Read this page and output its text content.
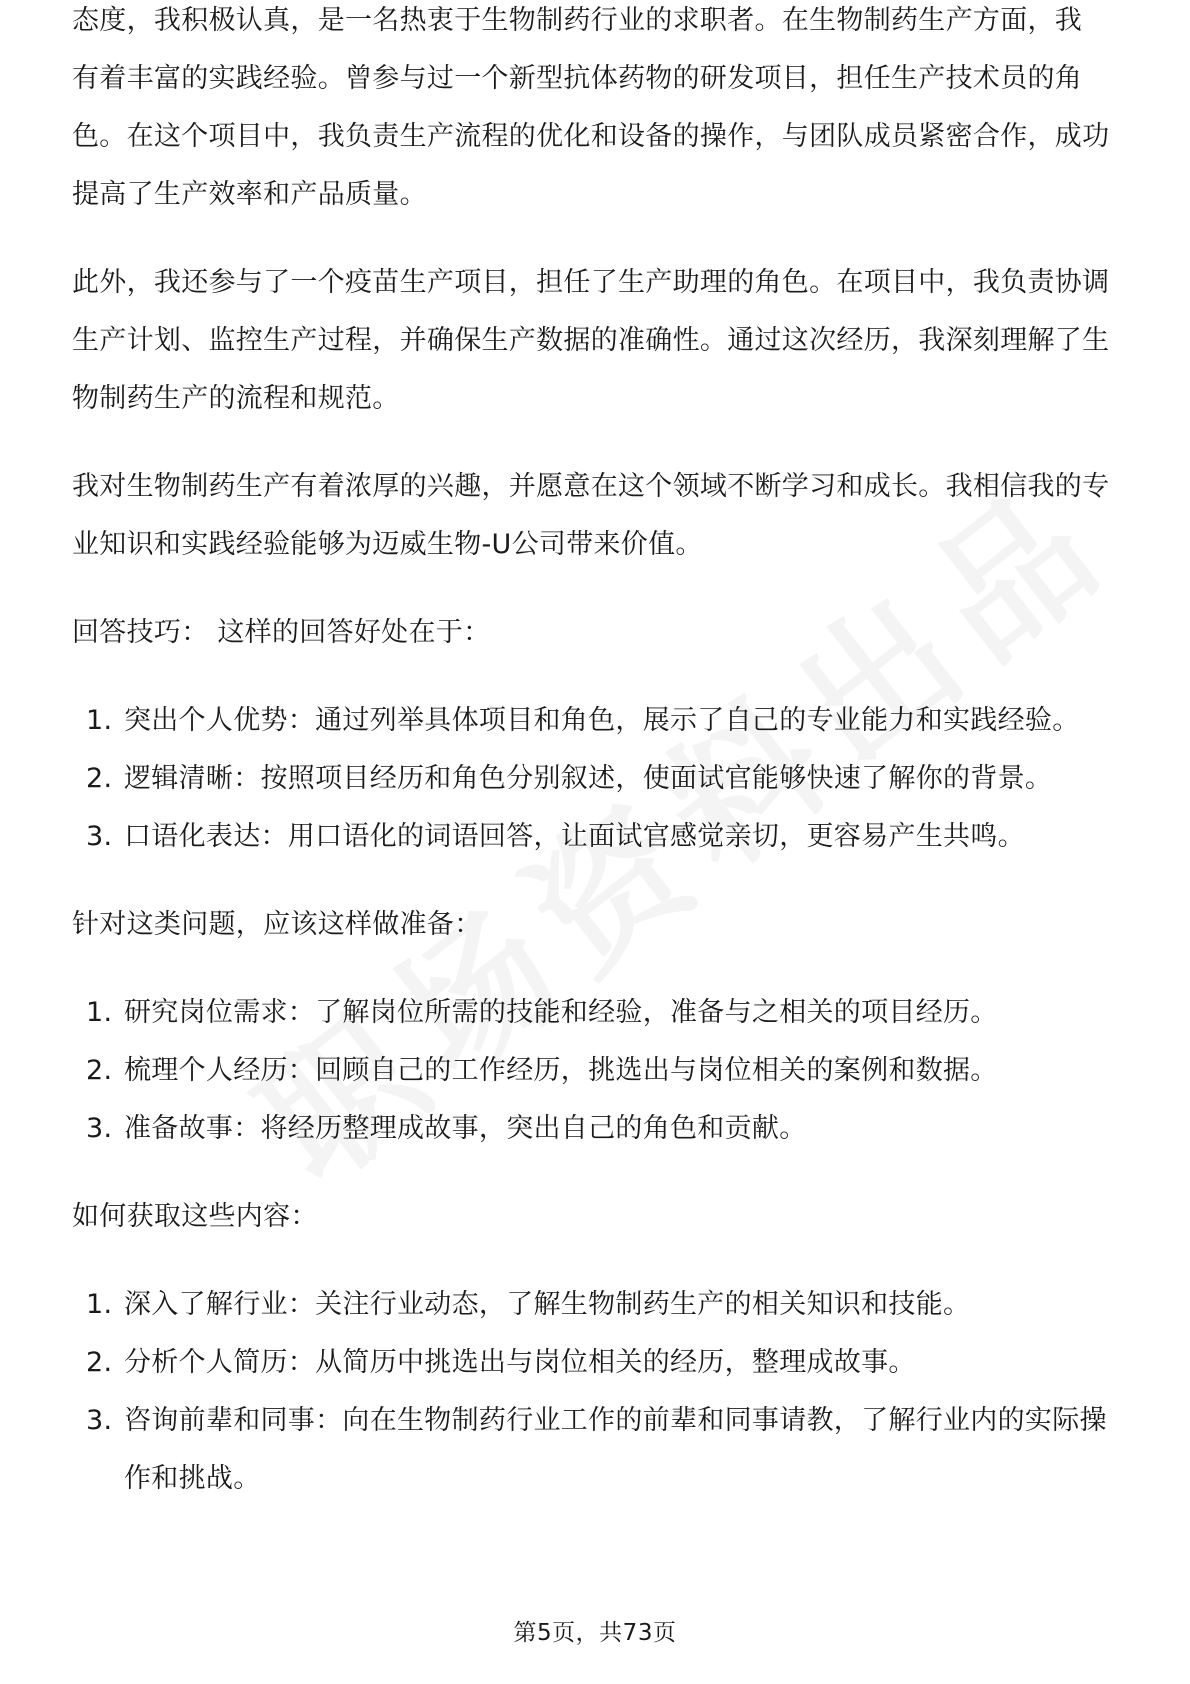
态度，我积极认真，是一名热衷于生物制药行业的求职者。在生物制药生产方面，我

有着丰富的实践经验。曾参与过一个新型抗体药物的研发项目，担任生产技术员的角色。在这个项目中，我负责生产流程的优化和设备的操作，与团队成员紧密合作，成功提高了生产效率和产品质量。

此外，我还参与了一个疫苗生产项目，担任了生产助理的角色。在项目中，我负责协调生产计划、监控生产过程，并确保生产数据的准确性。通过这次经历，我深刻理解了生物制药生产的流程和规范。

我对生物制药生产有着浓厚的兴趣，并愿意在这个领域不断学习和成长。我相信我的专业知识和实践经验能够为迈威生物-U公司带来价值。

回答技巧： 这样的回答好处在于：

1. 突出个人优势：通过列举具体项目和角色，展示了自己的专业能力和实践经验。
2. 逻辑清晰：按照项目经历和角色分别叙述，使面试官能够快速了解你的背景。
3. 口语化表达：用口语化的词语回答，让面试官感觉亲切，更容易产生共鸣。

针对这类问题，应该这样做准备：

1. 研究岗位需求：了解岗位所需的技能和经验，准备与之相关的项目经历。
2. 梳理个人经历：回顾自己的工作经历，挑选出与岗位相关的案例和数据。
3. 准备故事：将经历整理成故事，突出自己的角色和贡献。

如何获取这些内容：

1. 深入了解行业：关注行业动态，了解生物制药生产的相关知识和技能。
2. 分析个人简历：从简历中挑选出与岗位相关的经历，整理成故事。
3. 咨询前辈和同事：向在生物制药行业工作的前辈和同事请教，了解行业内的实际操作和挑战。
第5页，共73页
